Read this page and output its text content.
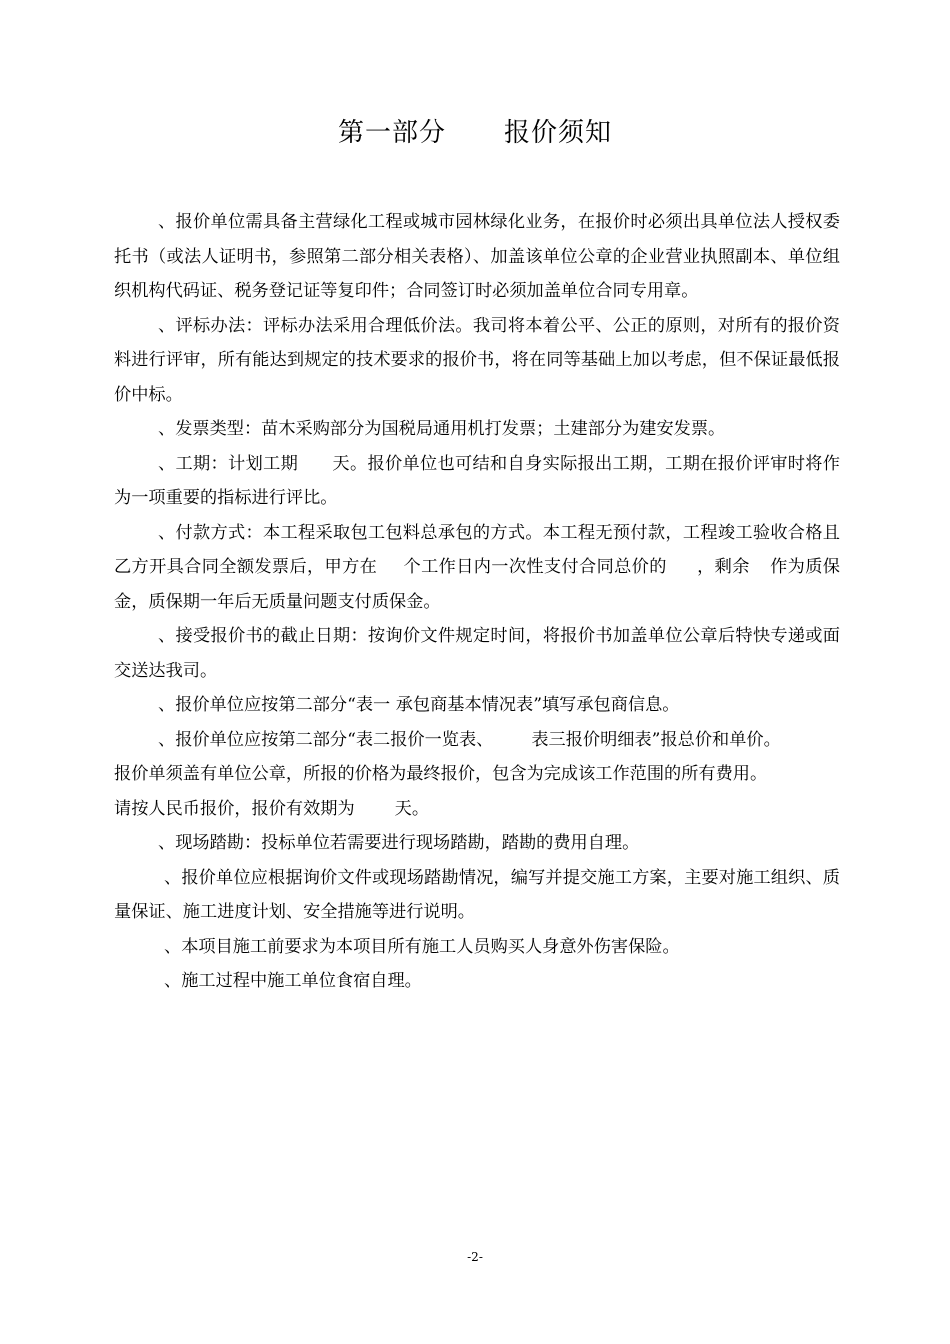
第一部分 报价须知

、报价单位需具备主营绿化工程或城市园林绿化业务，在报价时必须出具单位法人授权委托书（或法人证明书，参照第二部分相关表格）、加盖该单位公章的企业营业执照副本、单位组织机构代码证、税务登记证等复印件；合同签订时必须加盖单位合同专用章。

、评标办法：评标办法采用合理低价法。我司将本着公平、公正的原则，对所有的报价资料进行评审，所有能达到规定的技术要求的报价书，将在同等基础上加以考虑，但不保证最低报价中标。

、发票类型：苗木采购部分为国税局通用机打发票；土建部分为建安发票。

、工期：计划工期 天。报价单位也可结和自身实际报出工期，工期在报价评审时将作为一项重要的指标进行评比。

、付款方式：本工程采取包工包料总承包的方式。本工程无预付款，工程竣工验收合格且乙方开具合同全额发票后，甲方在 个工作日内一次性支付合同总价的 ，剩余 作为质保金，质保期一年后无质量问题支付质保金。

、接受报价书的截止日期：按询价文件规定时间，将报价书加盖单位公章后特快专递或面交送达我司。

、报价单位应按第二部分“表一 承包商基本情况表”填写承包商信息。

、报价单位应按第二部分“表二报价一览表、 表三报价明细表”报总价和单价。

报价单须盖有单位公章，所报的价格为最终报价，包含为完成该工作范围的所有费用。

请按人民币报价，报价有效期为 天。

、现场踏勘：投标单位若需要进行现场踏勘，踏勘的费用自理。

、报价单位应根据询价文件或现场踏勘情况，编写并提交施工方案，主要对施工组织、质量保证、施工进度计划、安全措施等进行说明。

、本项目施工前要求为本项目所有施工人员购买人身意外伤害保险。

、施工过程中施工单位食宿自理。

-2-
